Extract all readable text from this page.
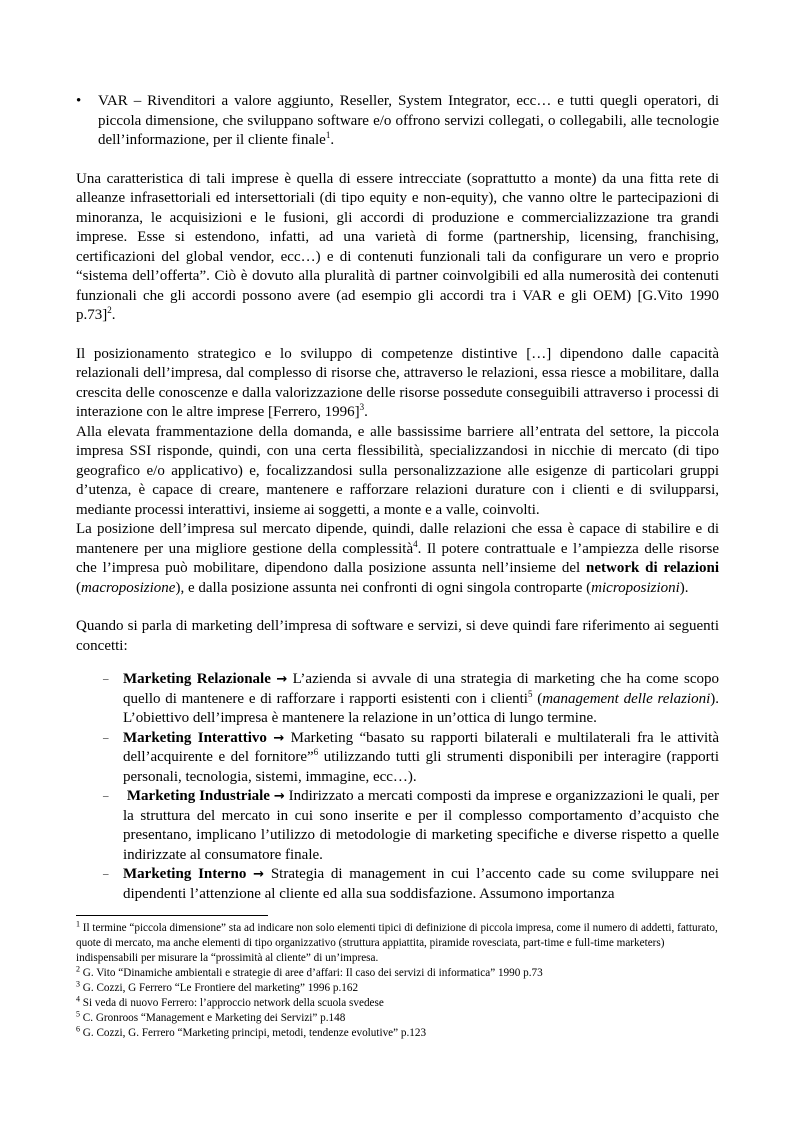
• VAR – Rivenditori a valore aggiunto, Reseller, System Integrator, ecc… e tutti quegli operatori, di piccola dimensione, che sviluppano software e/o offrono servizi collegati, o collegabili, alle tecnologie dell’informazione, per il cliente finale$^1$.

Una caratteristica di tali imprese è quella di essere intrecciate (soprattutto a monte) da una fitta rete di alleanze infrasettoriali ed intersettoriali (di tipo equity e non-equity), che vanno oltre le partecipazioni di minoranza, le acquisizioni e le fusioni, gli accordi di produzione e commercializzazione tra grandi imprese. Esse si estendono, infatti, ad una varietà di forme (partnership, licensing, franchising, certificazioni del global vendor, ecc…) e di contenuti funzionali tali da configurare un vero e proprio “sistema dell’offerta”. Ciò è dovuto alla pluralità di partner coinvolgibili ed alla numerosità dei contenuti funzionali che gli accordi possono avere (ad esempio gli accordi tra i VAR e gli OEM) [G.Vito 1990 p.73]$^2$.

Il posizionamento strategico e lo sviluppo di competenze distintive […] dipendono dalle capacità relazionali dell’impresa, dal complesso di risorse che, attraverso le relazioni, essa riesce a mobilitare, dalla crescita delle conoscenze e dalla valorizzazione delle risorse possedute conseguibili attraverso i processi di interazione con le altre imprese [Ferrero, 1996]$^3$.

Alla elevata frammentazione della domanda, e alle bassissime barriere all’entrata del settore, la piccola impresa SSI risponde, quindi, con una certa flessibilità, specializzandosi in nicchie di mercato (di tipo geografico e/o applicativo) e, focalizzandosi sulla personalizzazione alle esigenze di particolari gruppi d’utenza, è capace di creare, mantenere e rafforzare relazioni durature con i clienti e di svilupparsi, mediante processi interattivi, insieme ai soggetti, a monte e a valle, coinvolti.

La posizione dell’impresa sul mercato dipende, quindi, dalle relazioni che essa è capace di stabilire e di mantenere per una migliore gestione della complessità$^4$. Il potere contrattuale e l’ampiezza delle risorse che l’impresa può mobilitare, dipendono dalla posizione assunta nell’insieme del network di relazioni (macroposizione), e dalla posizione assunta nei confronti di ogni singola controparte (microposizioni).

Quando si parla di marketing dell’impresa di software e servizi, si deve quindi fare riferimento ai seguenti concetti:

– Marketing Relazionale → L’azienda si avvale di una strategia di marketing che ha come scopo quello di mantenere e di rafforzare i rapporti esistenti con i clienti$^5$ (management delle relazioni). L’obiettivo dell’impresa è mantenere la relazione in un’ottica di lungo termine.

– Marketing Interattivo → Marketing “basato su rapporti bilaterali e multilaterali fra le attività dell’acquirente e del fornitore”$^6$ utilizzando tutti gli strumenti disponibili per interagire (rapporti personali, tecnologia, sistemi, immagine, ecc…).

– Marketing Industriale → Indirizzato a mercati composti da imprese e organizzazioni le quali, per la struttura del mercato in cui sono inserite e per il complesso comportamento d’acquisto che presentano, implicano l’utilizzo di metodologie di marketing specifiche e diverse rispetto a quelle indirizzate al consumatore finale.

– Marketing Interno → Strategia di management in cui l’accento cade su come sviluppare nei dipendenti l’attenzione al cliente ed alla sua soddisfazione. Assumono importanza

$^1$ Il termine “piccola dimensione” sta ad indicare non solo elementi tipici di definizione di piccola impresa, come il numero di addetti, fatturato, quote di mercato, ma anche elementi di tipo organizzativo (struttura appiattita, piramide rovesciata, part-time e full-time marketers) indispensabili per misurare la “prossimità al cliente” di un’impresa.

$^2$ G. Vito “Dinamiche ambientali e strategie di aree d’affari: Il caso dei servizi di informatica” 1990 p.73

$^3$ G. Cozzi, G Ferrero “Le Frontiere del marketing” 1996 p.162

$^4$ Si veda di nuovo Ferrero: l’approccio network della scuola svedese

$^5$ C. Gronroos “Management e Marketing dei Servizi” p.148

$^6$ G. Cozzi, G. Ferrero “Marketing principi, metodi, tendenze evolutive” p.123
